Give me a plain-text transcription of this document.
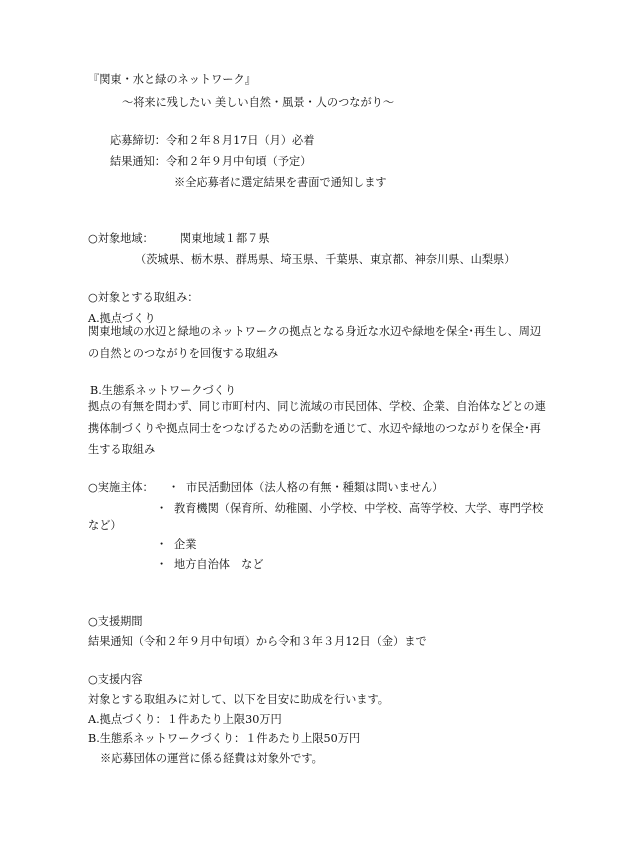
『関東・水と緑のネットワーク』
～将来に残したい 美しい自然・風景・人のつながり～
応募締切：令和２年８月17日（月）必着
結果通知：令和２年９月中旬頃（予定）
※全応募者に選定結果を書面で通知します
○対象地域： 関東地域１都７県
（茨城県、栃木県、群馬県、埼玉県、千葉県、東京都、神奈川県、山梨県）
○対象とする取組み：
A.拠点づくり
関東地域の水辺と緑地のネットワークの拠点となる身近な水辺や緑地を保全･再生し、周辺の自然とのつながりを回復する取組み
B.生態系ネットワークづくり
拠点の有無を問わず、同じ市町村内、同じ流域の市民団体、学校、企業、自治体などとの連携体制づくりや拠点同士をつなげるための活動を通じて、水辺や緑地のつながりを保全･再生する取組み
○実施主体： ・ 市民活動団体（法人格の有無・種類は問いません）
・ 教育機関（保育所、幼稚園、小学校、中学校、高等学校、大学、専門学校
など）
・ 企業
・ 地方自治体　など
○支援期間
結果通知（令和２年９月中旬頃）から令和３年３月12日（金）まで
○支援内容
対象とする取組みに対して、以下を目安に助成を行います。
A.拠点づくり：１件あたり上限30万円
B.生態系ネットワークづくり：１件あたり上限50万円
※応募団体の運営に係る経費は対象外です。
